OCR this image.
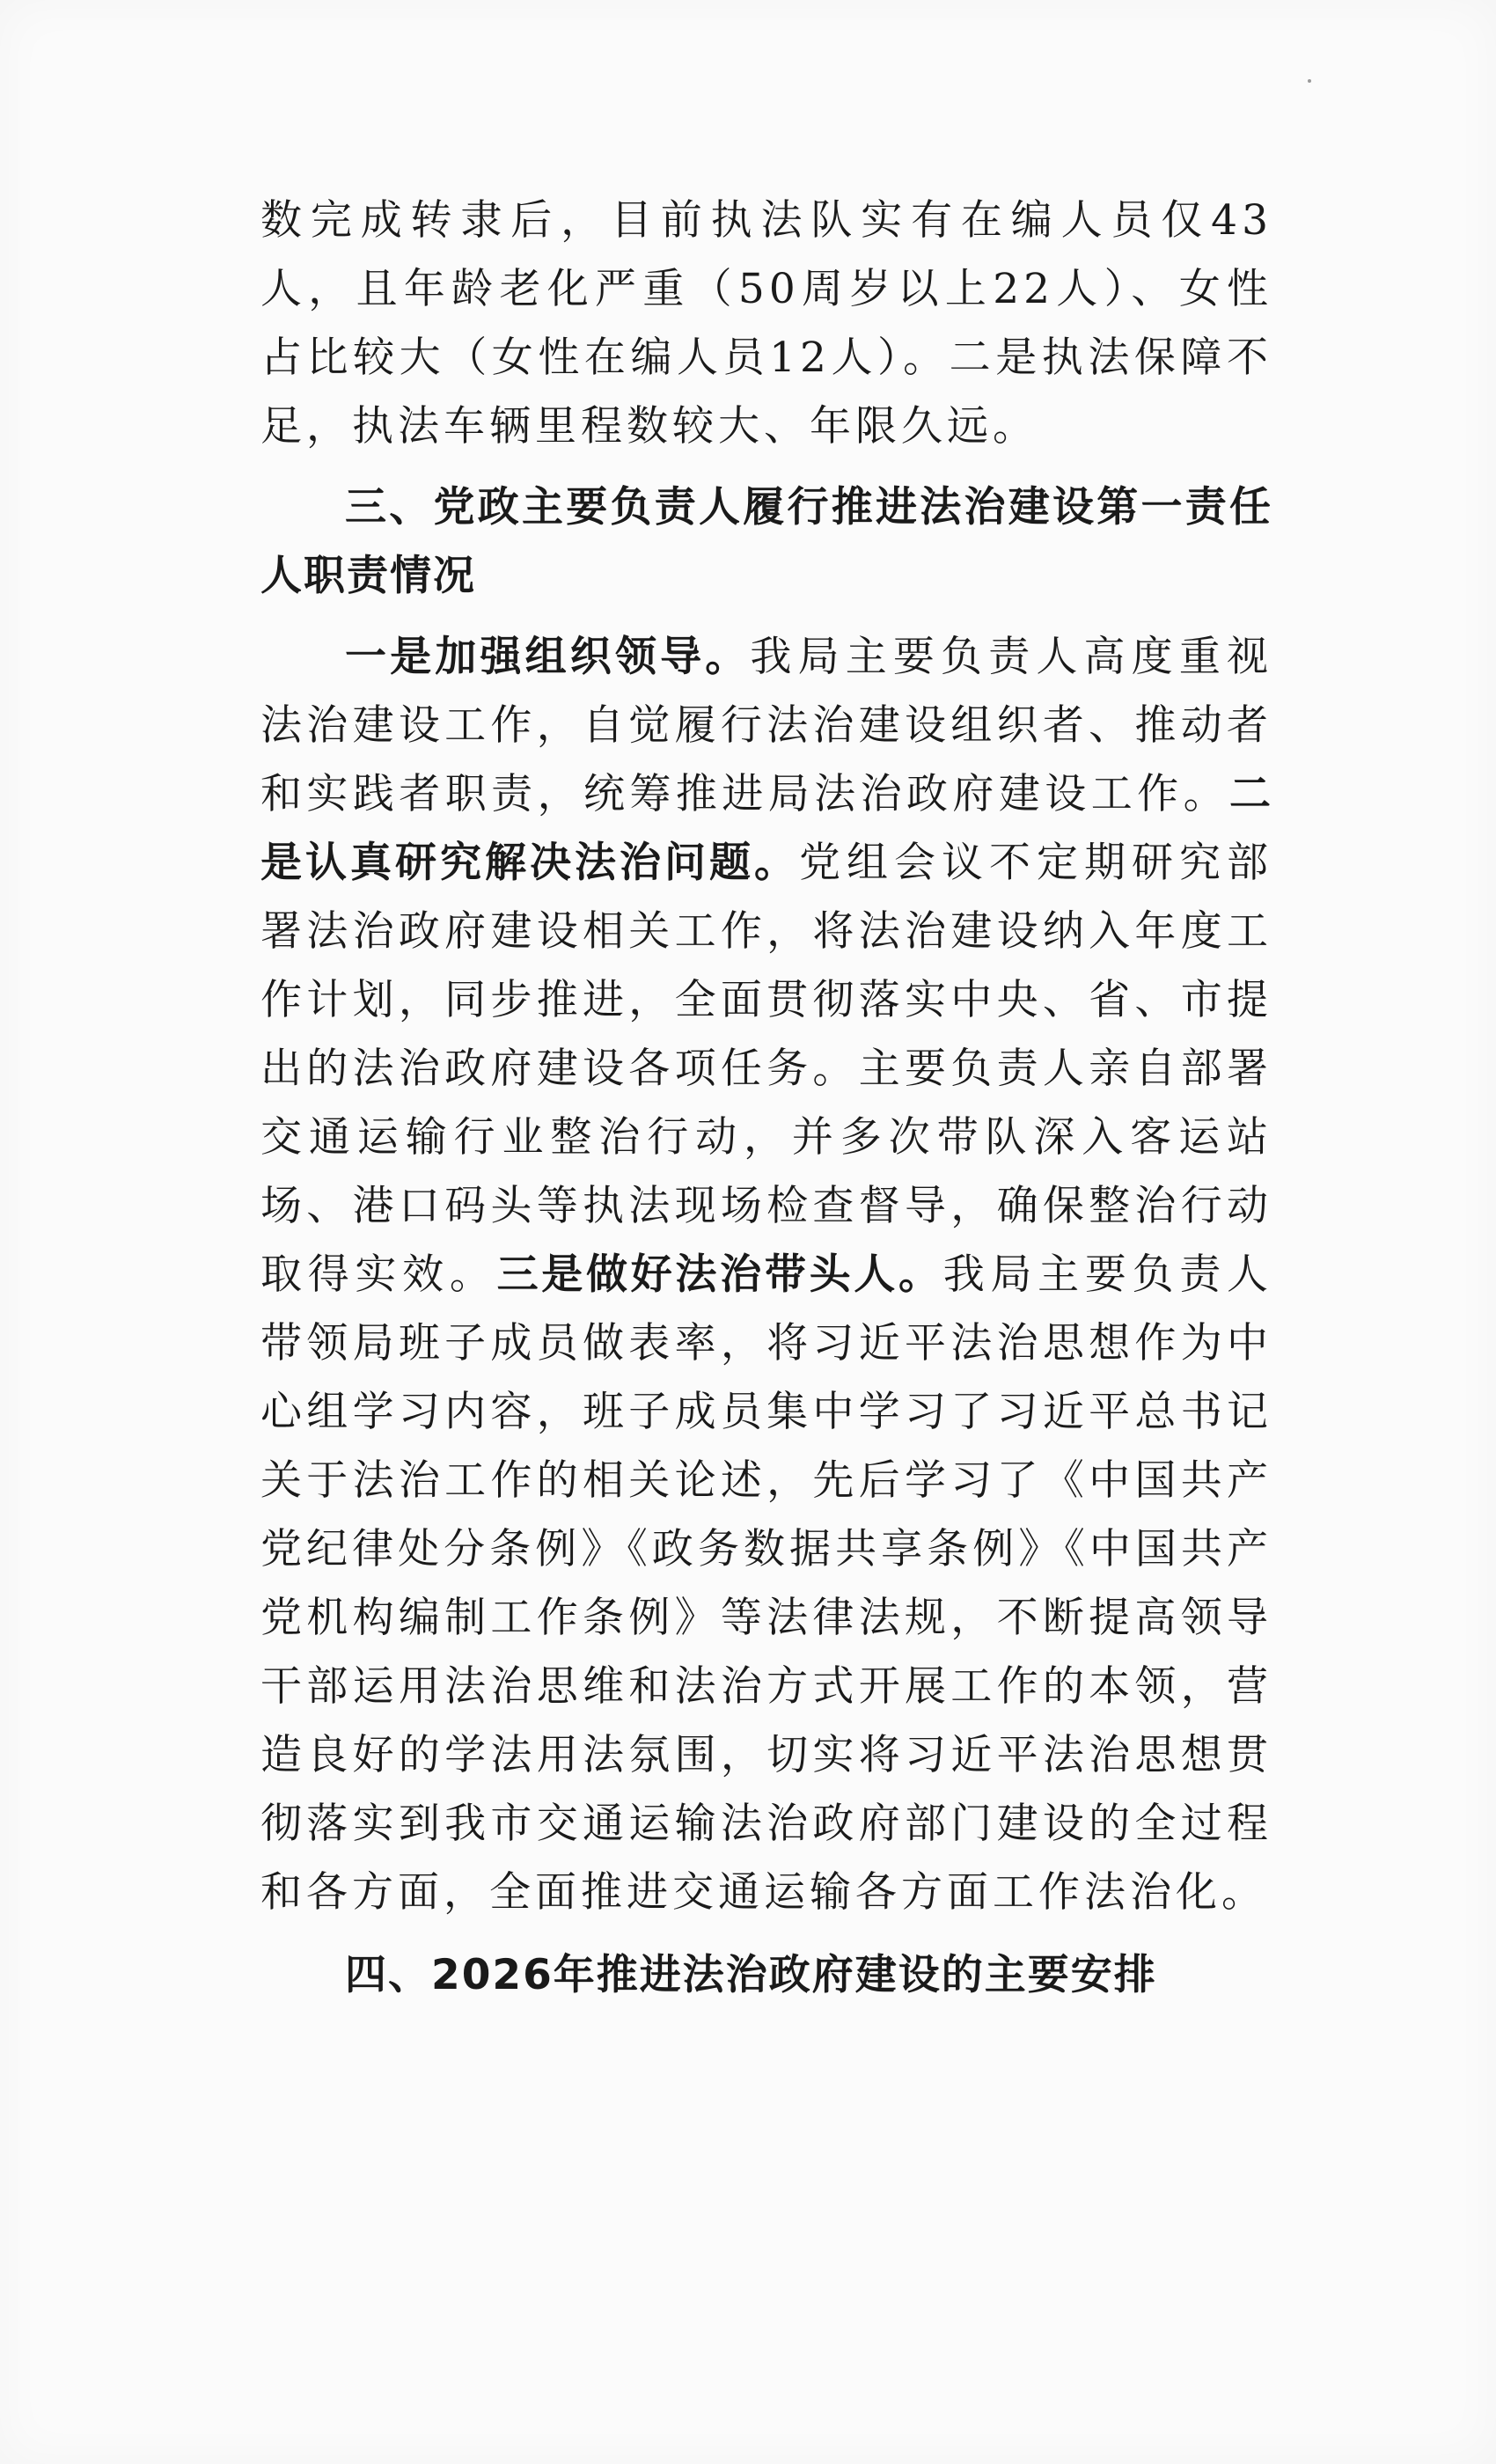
数完成转隶后，目前执法队实有在编人员仅43人，且年龄老化严重（50周岁以上22人）、女性占比较大（女性在编人员12人）。二是执法保障不足，执法车辆里程数较大、年限久远。

三、党政主要负责人履行推进法治建设第一责任人职责情况

一是加强组织领导。我局主要负责人高度重视法治建设工作，自觉履行法治建设组织者、推动者和实践者职责，统筹推进局法治政府建设工作。二是认真研究解决法治问题。党组会议不定期研究部署法治政府建设相关工作，将法治建设纳入年度工作计划，同步推进，全面贯彻落实中央、省、市提出的法治政府建设各项任务。主要负责人亲自部署交通运输行业整治行动，并多次带队深入客运站场、港口码头等执法现场检查督导，确保整治行动取得实效。三是做好法治带头人。我局主要负责人带领局班子成员做表率，将习近平法治思想作为中心组学习内容，班子成员集中学习了习近平总书记关于法治工作的相关论述，先后学习了《中国共产党纪律处分条例》《政务数据共享条例》《中国共产党机构编制工作条例》等法律法规，不断提高领导干部运用法治思维和法治方式开展工作的本领，营造良好的学法用法氛围，切实将习近平法治思想贯彻落实到我市交通运输法治政府部门建设的全过程和各方面，全面推进交通运输各方面工作法治化。

四、2026年推进法治政府建设的主要安排
